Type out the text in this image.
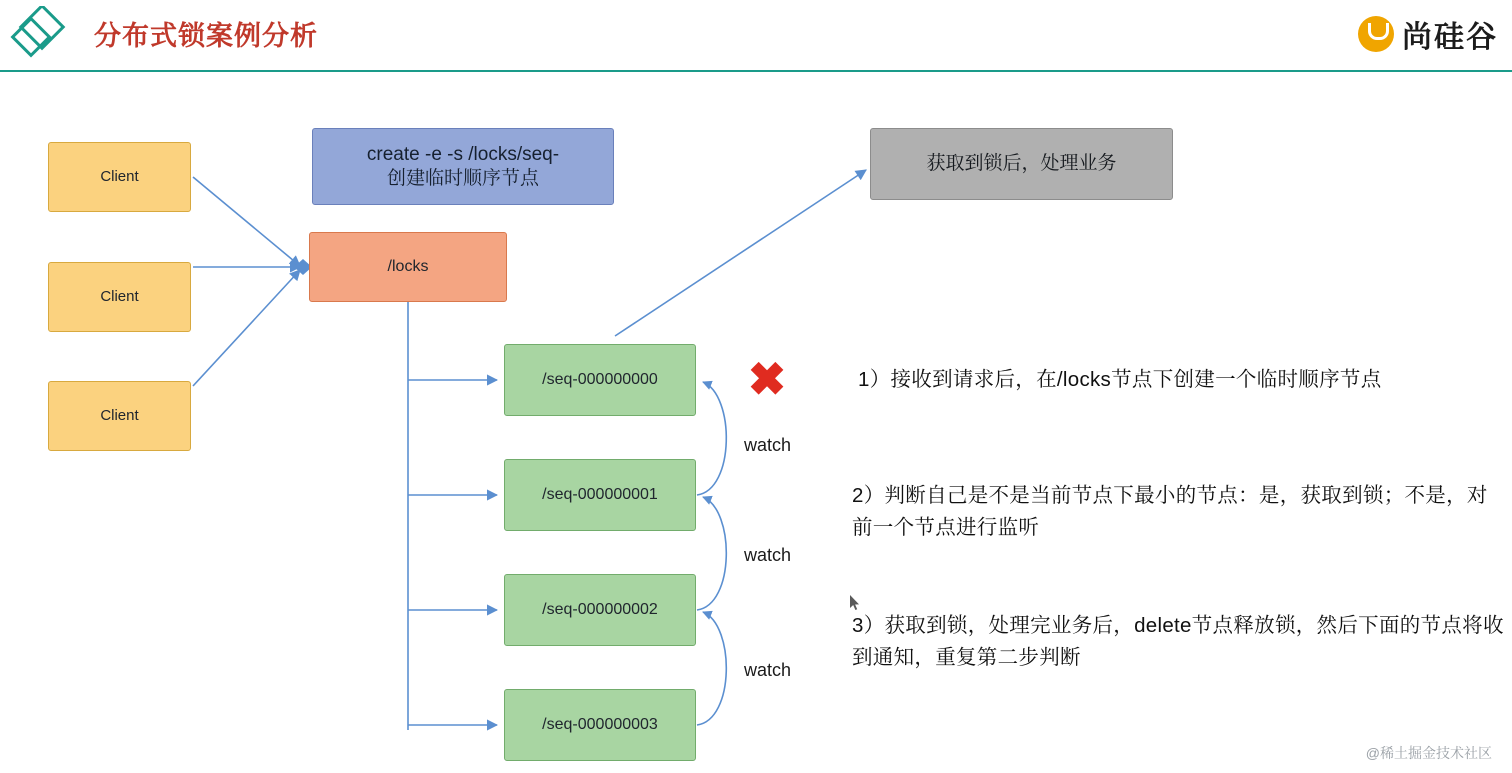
分布式锁案例分析	尚硅谷
Client
Client
Client
create -e -s /locks/seq-
创建临时顺序节点
/locks
获取到锁后，处理业务
/seq-000000000
/seq-000000001
/seq-000000002
/seq-000000003
watch
watch
watch
✖	1）接收到请求后，在/locks节点下创建一个临时顺序节点
2）判断自己是不是当前节点下最小的节点：是，获取到锁；不是，对前一个节点进行监听
3）获取到锁，处理完业务后，delete节点释放锁，然后下面的节点将收到通知，重复第二步判断
@稀土掘金技术社区
